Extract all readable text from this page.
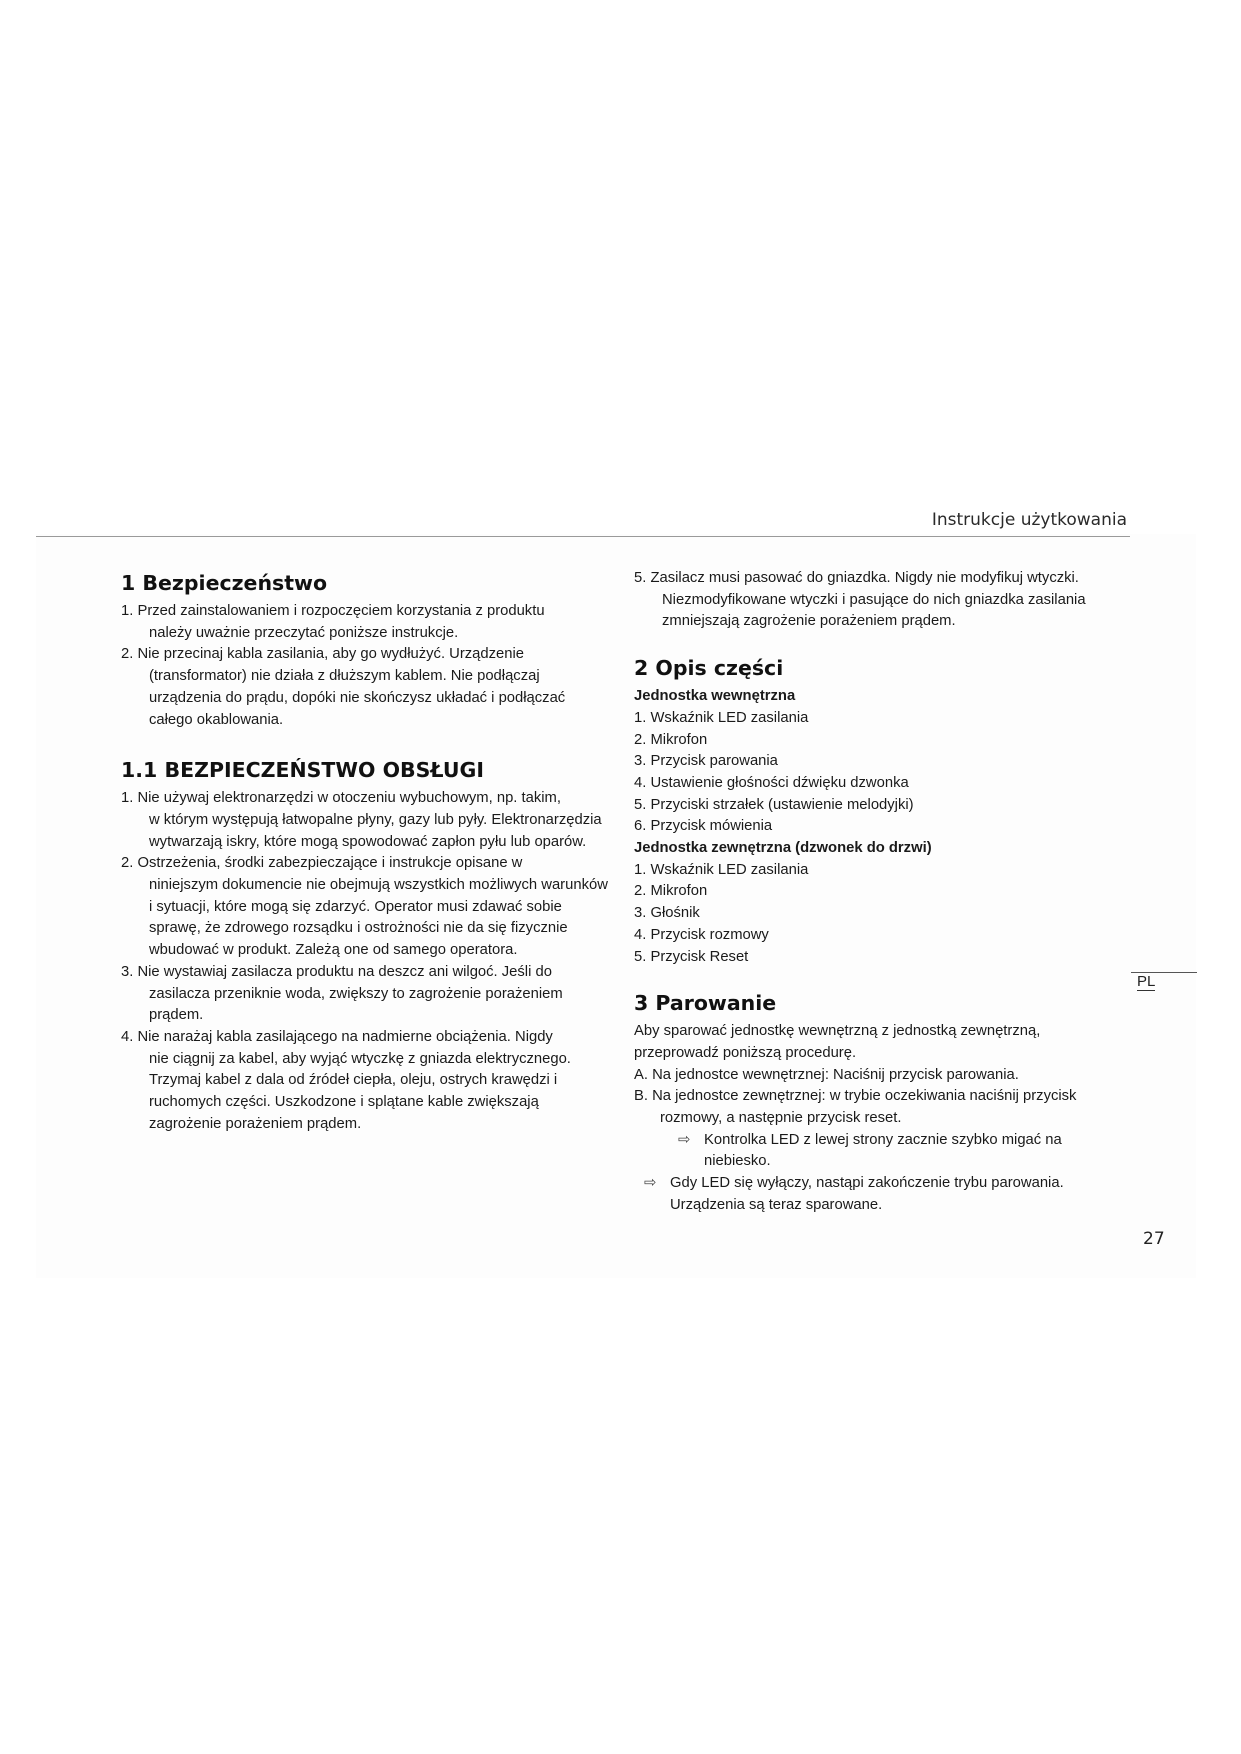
Instrukcje użytkowania
1 Bezpieczeństwo

1. Przed zainstalowaniem i rozpoczęciem korzystania z produktu
należy uważnie przeczytać poniższe instrukcje.

2. Nie przecinaj kabla zasilania, aby go wydłużyć. Urządzenie
(transformator) nie działa z dłuższym kablem. Nie podłączaj urządzenia do prądu, dopóki nie skończysz układać i podłączać całego okablowania.

1.1 BEZPIECZEŃSTWO OBSŁUGI

1. Nie używaj elektronarzędzi w otoczeniu wybuchowym, np. takim,
w którym występują łatwopalne płyny, gazy lub pyły. Elektronarzędzia wytwarzają iskry, które mogą spowodować zapłon pyłu lub oparów.

2. Ostrzeżenia, środki zabezpieczające i instrukcje opisane w
niniejszym dokumencie nie obejmują wszystkich możliwych warunków i sytuacji, które mogą się zdarzyć. Operator musi zdawać sobie sprawę, że zdrowego rozsądku i ostrożności nie da się fizycznie wbudować w produkt. Zależą one od samego operatora.

3. Nie wystawiaj zasilacza produktu na deszcz ani wilgoć. Jeśli do
zasilacza przeniknie woda, zwiększy to zagrożenie porażeniem prądem.

4. Nie narażaj kabla zasilającego na nadmierne obciążenia. Nigdy
nie ciągnij za kabel, aby wyjąć wtyczkę z gniazda elektrycznego. Trzymaj kabel z dala od źródeł ciepła, oleju, ostrych krawędzi i ruchomych części. Uszkodzone i splątane kable zwiększają zagrożenie porażeniem prądem.

5. Zasilacz musi pasować do gniazdka. Nigdy nie modyfikuj wtyczki.
Niezmodyfikowane wtyczki i pasujące do nich gniazdka zasilania zmniejszają zagrożenie porażeniem prądem.

2 Opis części

Jednostka wewnętrzna

1. Wskaźnik LED zasilania

2. Mikrofon

3. Przycisk parowania

4. Ustawienie głośności dźwięku dzwonka

5. Przyciski strzałek (ustawienie melodyjki)

6. Przycisk mówienia

Jednostka zewnętrzna (dzwonek do drzwi)

1. Wskaźnik LED zasilania

2. Mikrofon

3. Głośnik

4. Przycisk rozmowy

5. Przycisk Reset

3 Parowanie

Aby sparować jednostkę wewnętrzną z jednostką zewnętrzną, przeprowadź poniższą procedurę.

A. Na jednostce wewnętrznej: Naciśnij przycisk parowania.

B. Na jednostce zewnętrznej: w trybie oczekiwania naciśnij przycisk
rozmowy, a następnie przycisk reset.

⇨ Kontrolka LED z lewej strony zacznie szybko migać na niebiesko.

⇨ Gdy LED się wyłączy, nastąpi zakończenie trybu parowania. Urządzenia są teraz sparowane.

PL
27
